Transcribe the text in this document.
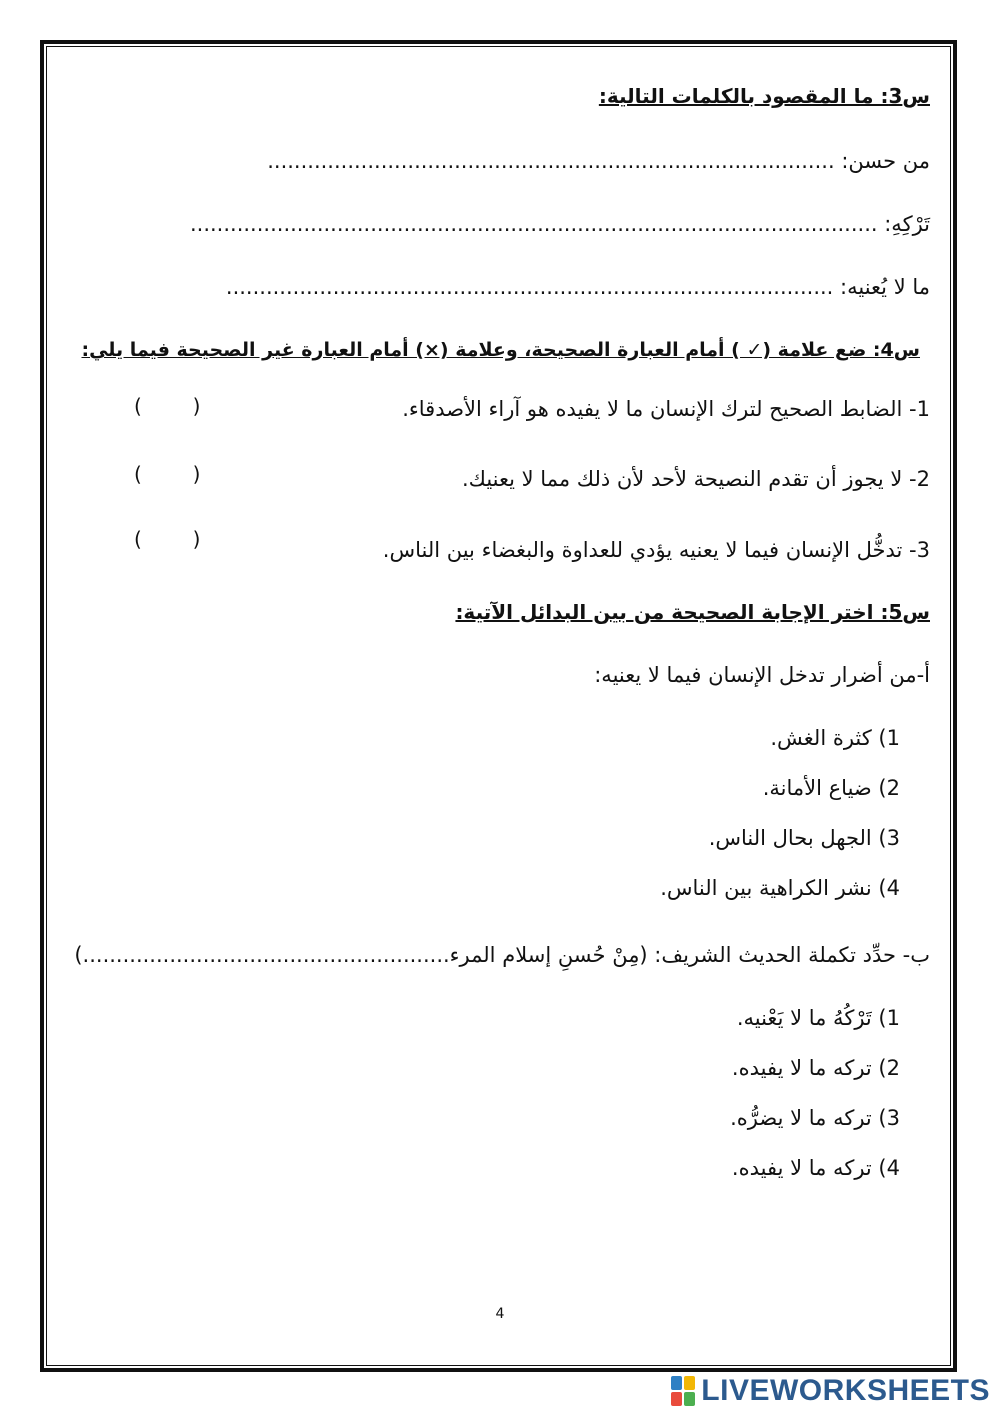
س3: ما المقصود بالكلمات التالية:
من حسن: .....................................................................................
تَرْكِهِ: .......................................................................................................
ما لا يُعنيه: ...........................................................................................
س4: ضع علامة (✓ ) أمام العبارة الصحيحة، وعلامة (×) أمام العبارة غير الصحيحة فيما يلي:
1- الضابط الصحيح لترك الإنسان ما لا يفيده هو آراء الأصدقاء.
(        )
2- لا يجوز أن تقدم النصيحة لأحد لأن ذلك مما لا يعنيك.
(        )
3- تدخُّل الإنسان فيما لا يعنيه يؤدي للعداوة والبغضاء بين الناس.
(        )
س5: اختر الإجابة الصحيحة من بين البدائل الآتية:
أ-من أضرار تدخل الإنسان فيما لا يعنيه:
1) كثرة الغش.
2) ضياع الأمانة.
3) الجهل بحال الناس.
4) نشر الكراهية بين الناس.
ب- حدِّد تكملة الحديث الشريف: (مِنْ حُسنِ إسلام المرء.......................................................)
1) تَرْكُهُ ما لا يَعْنيه.
2) تركه ما لا يفيده.
3) تركه ما لا يضرُّه.
4) تركه ما لا يفيده.
4
LIVEWORKSHEETS
